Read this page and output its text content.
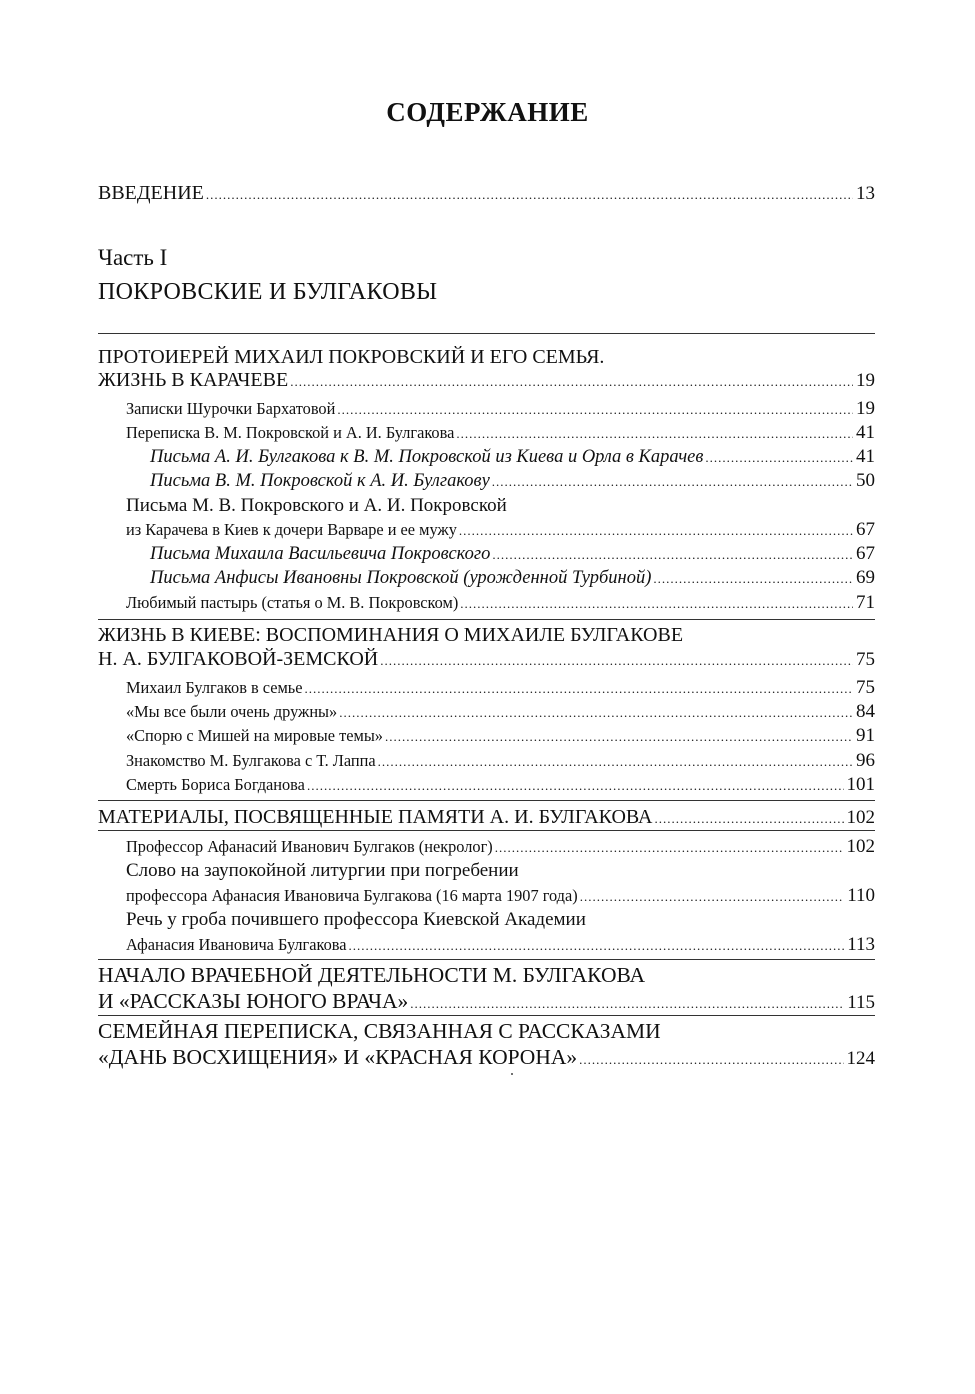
СОДЕРЖАНИЕ
ВВЕДЕНИЕ .....	13
Часть I
ПОКРОВСКИЕ И БУЛГАКОВЫ
ПРОТОИЕРЕЙ МИХАИЛ ПОКРОВСКИЙ И ЕГО СЕМЬЯ.
ЖИЗНЬ В КАРАЧЕВЕ .....	19
Записки Шурочки Бархатовой .....	19
Переписка В. М. Покровской и А. И. Булгакова .....	41
Письма А. И. Булгакова к В. М. Покровской из Киева и Орла в Карачев .....	41
Письма В. М. Покровской к А. И. Булгакову .....	50
Письма М. В. Покровского и А. И. Покровской
из Карачева в Киев к дочери Варваре и ее мужу .....	67
Письма Михаила Васильевича Покровского .....	67
Письма Анфисы Ивановны Покровской (урожденной Турбиной) .....	69
Любимый пастырь (статья о М. В. Покровском) .....	71
ЖИЗНЬ В КИЕВЕ: ВОСПОМИНАНИЯ О МИХАИЛЕ БУЛГАКОВЕ
Н. А. БУЛГАКОВОЙ-ЗЕМСКОЙ .....	75
Михаил Булгаков в семье .....	75
«Мы все были очень дружны» .....	84
«Спорю с Мишей на мировые темы» .....	91
Знакомство М. Булгакова с Т. Лаппа .....	96
Смерть Бориса Богданова .....	101
МАТЕРИАЛЫ, ПОСВЯЩЕННЫЕ ПАМЯТИ А. И. БУЛГАКОВА .....	102
Профессор Афанасий Иванович Булгаков (некролог) .....	102
Слово на заупокойной литургии при погребении
профессора Афанасия Ивановича Булгакова (16 марта 1907 года) .....	110
Речь у гроба почившего профессора Киевской Академии
Афанасия Ивановича Булгакова .....	113
НАЧАЛО ВРАЧЕБНОЙ ДЕЯТЕЛЬНОСТИ М. БУЛГАКОВА
И «РАССКАЗЫ ЮНОГО ВРАЧА» .....	115
СЕМЕЙНАЯ ПЕРЕПИСКА, СВЯЗАННАЯ С РАССКАЗАМИ
«ДАНЬ ВОСХИЩЕНИЯ» И «КРАСНАЯ КОРОНА» .....	124
